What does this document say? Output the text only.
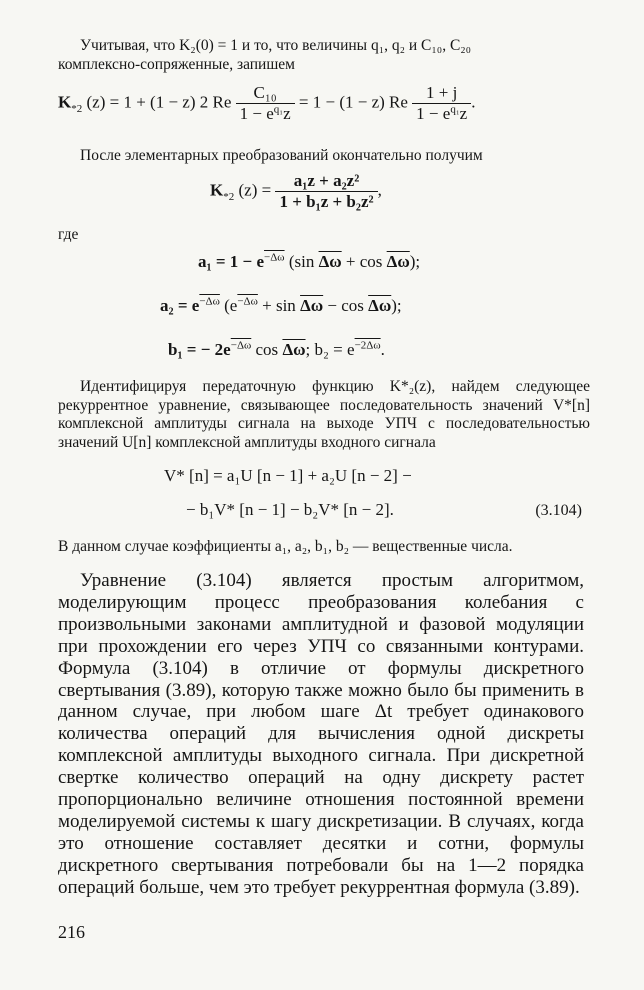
Учитывая, что K₂(0) = 1 и то, что величины q₁, q₂ и C₁₀, C₂₀
комплексно-сопряженные, запишем

$K_{*2}$ (z) = 1 + (1 − z) 2 Re $\frac{\text{C₁₀}}{1 - e^{q_1}z} = 1 - (1 - z)$ Re $\frac{1 + j}{1 - e^{q_1}z}$ .

После элементарных преобразований окончательно получим

$K_{*2}$ $(z) = \frac{\text{a₁z + a₂z²}}{\text{1 + b₁z + b₂z²}}$ ,
где
$a_1 = 1 - e^{-\Delta\omega}$ (sin $\overline{\Delta\omega} + \cos \overline{\Delta\omega}$);
$a_2 = e^{-\Delta\omega}$ $(e^{-\Delta\omega} + \sin \overline{\Delta\omega} - \cos \overline{\Delta\omega})$;
b₁ = − $2e^{-\Delta\omega}$ $\cos \overline{\Delta\omega}$; $b_2 = e^{-2\Delta\omega}$.

Идентифицируя передаточную функцию K*₂(z), найдем следующее рекуррентное уравнение, связывающее последовательность значений V*[n] комплексной амплитуды сигнала на выходе УПЧ с последовательностью значений U[n] комплексной амплитуды входного сигнала

V* [n] = a₁U [n − 1] + a₂U [n − 2] −
− b₁V* [n − 1] − b₂V* [n − 2].	(3.104)
В данном случае коэффициенты a₁, a₂, b₁, b₂ — вещественные числа.

Уравнение (3.104) является простым алгоритмом, моделирующим процесс преобразования колебания с произвольными законами амплитудной и фазовой модуляции при прохождении его через УПЧ со связанными контурами. Формула (3.104) в отличие от формулы дискретного свертывания (3.89), которую также можно было бы применить в данном случае, при любом шаге Δt требует одинакового количества операций для вычисления одной дискреты комплексной амплитуды выходного сигнала. При дискретной свертке количество операций на одну дискрету растет пропорционально величине отношения постоянной времени моделируемой системы к шагу дискретизации. В случаях, когда это отношение составляет десятки и сотни, формулы дискретного свертывания потребовали бы на 1—2 порядка операций больше, чем это требует рекуррентная формула (3.89).

216
